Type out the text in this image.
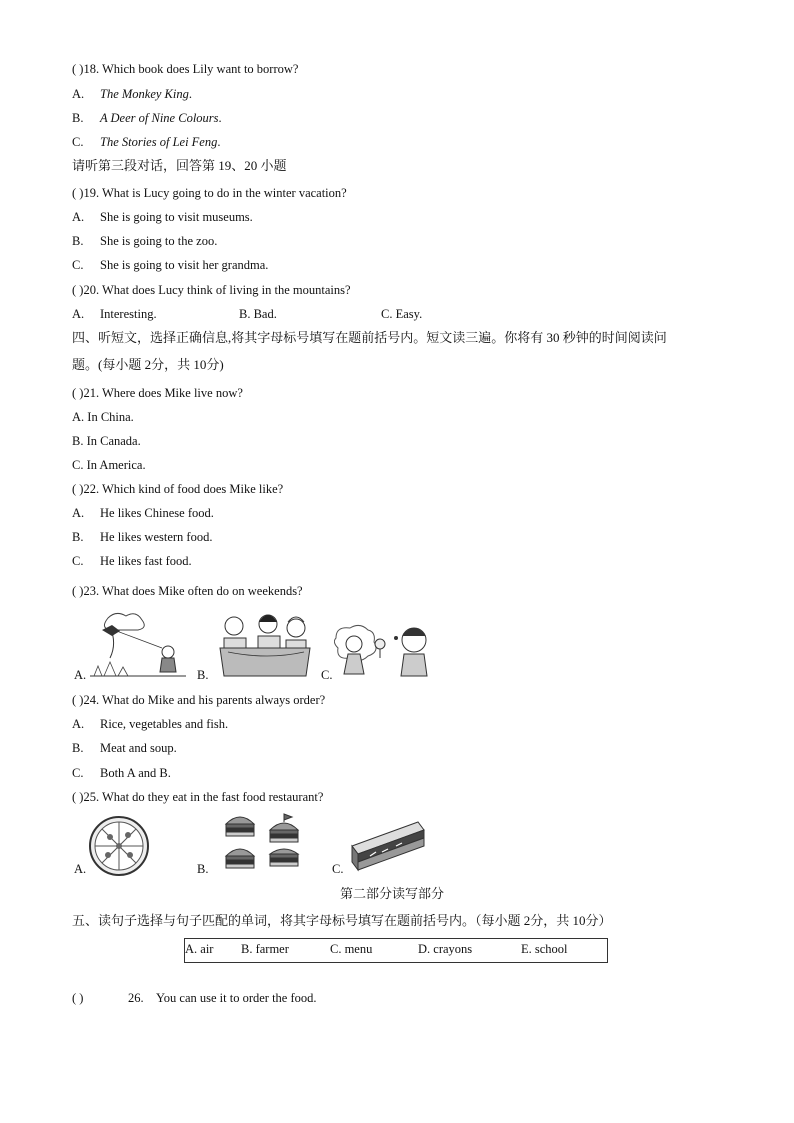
( )18. Which book does Lily want to borrow?
A. The Monkey King.
B. A Deer of Nine Colours.
C. The Stories of Lei Feng.
请听第三段对话，回答第 19、20 小题
( )19. What is Lucy going to do in the winter vacation?
A. She is going to visit museums.
B. She is going to the zoo.
C. She is going to visit her grandma.
( )20. What does Lucy think of living in the mountains?
A. Interesting.	B. Bad.	C. Easy.
四、听短文，选择正确信息,将其字母标号填写在题前括号内。短文读三遍。你将有 30 秒钟的时间阅读问
题。(每小题 2分，共 10分)
( )21. Where does Mike live now?
A. In China.
B. In Canada.
C. In America.
( )22. Which kind of food does Mike like?
A. He likes Chinese food.
B. He likes western food.
C. He likes fast food.
( )23. What does Mike often do on weekends?
A.	B.	C.
( )24. What do Mike and his parents always order?
A. Rice, vegetables and fish.
B. Meat and soup.
C. Both A and B.
( )25. What do they eat in the fast food restaurant?
A.	B.	C.
第二部分读写部分
五、读句子选择与句子匹配的单词，将其字母标号填写在题前括号内。（每小题 2分，共 10分）
A. air B. farmer	C. menu	D. crayons	E. school
( )	26. You can use it to order the food.
